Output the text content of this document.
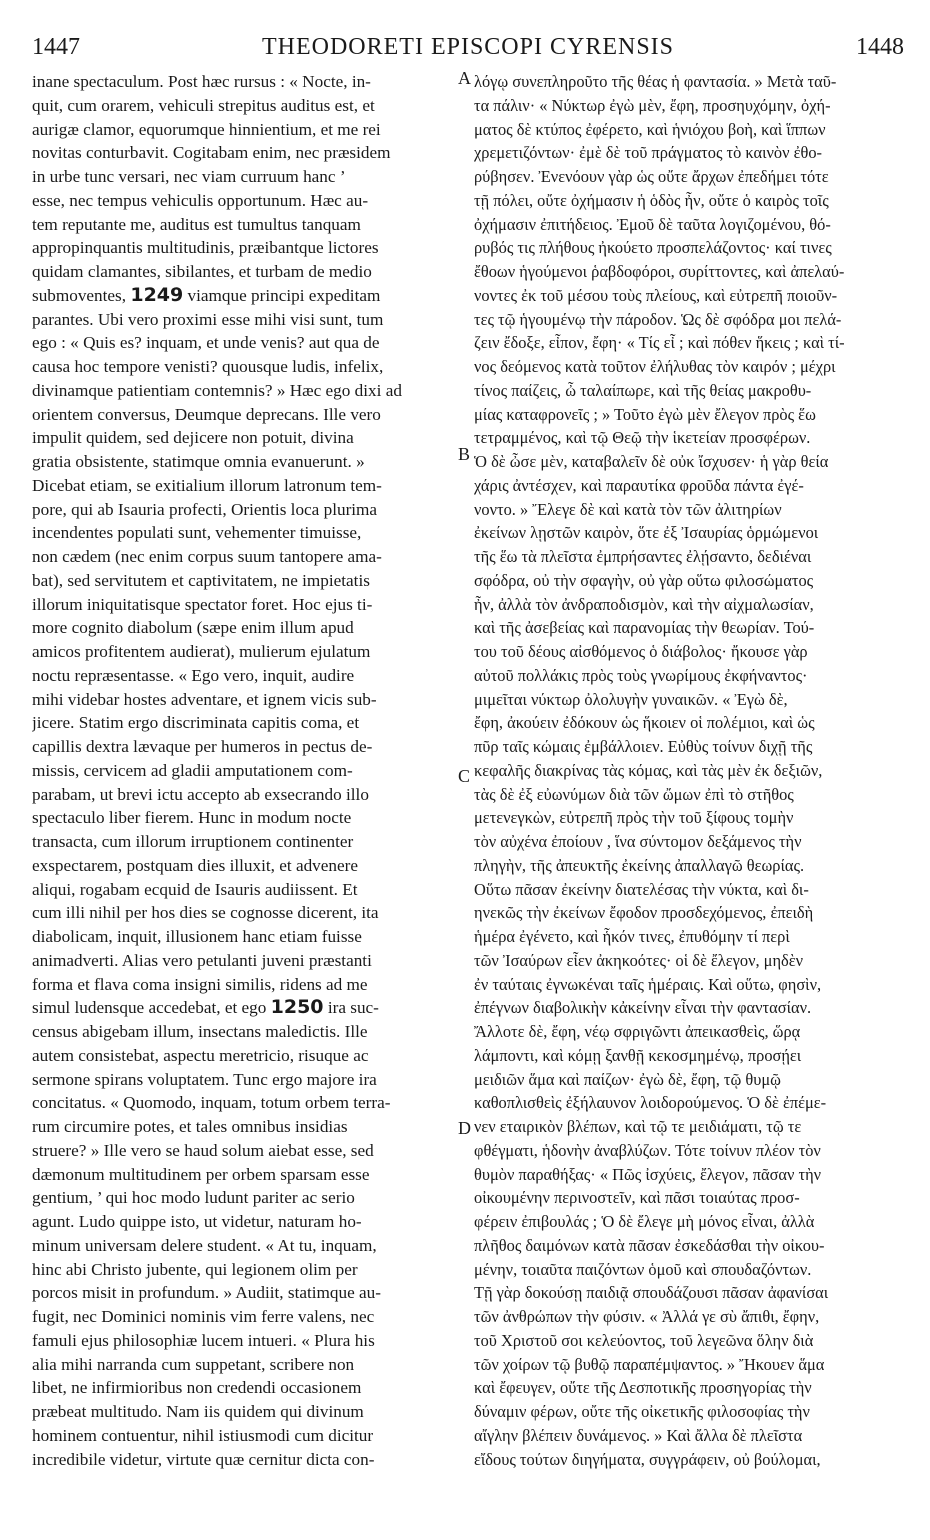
1447	THEODORETI EPISCOPI CYRENSIS	1448
inane spectaculum. Post hæc rursus : « Nocte, in-
quit, cum orarem, vehiculi strepitus auditus est, et
aurigæ clamor, equorumque hinnientium, et me rei
novitas conturbavit. Cogitabam enim, nec præsidem
in urbe tunc versari, nec viam curruum hanc ’
esse, nec tempus vehiculis opportunum. Hæc au-
tem reputante me, auditus est tumultus tanquam
appropinquantis multitudinis, præibantque lictores
quidam clamantes, sibilantes, et turbam de medio
submoventes, 1249 viamque principi expeditam
parantes. Ubi vero proximi esse mihi visi sunt, tum
ego : « Quis es? inquam, et unde venis? aut qua de
causa hoc tempore venisti? quousque ludis, infelix,
divinamque patientiam contemnis? » Hæc ego dixi ad
orientem conversus, Deumque deprecans. Ille vero
impulit quidem, sed dejicere non potuit, divina
gratia obsistente, statimque omnia evanuerunt. »
Dicebat etiam, se exitialium illorum latronum tem-
pore, qui ab Isauria profecti, Orientis loca plurima
incendentes populati sunt, vehementer timuisse,
non cædem (nec enim corpus suum tantopere ama-
bat), sed servitutem et captivitatem, ne impietatis
illorum iniquitatisque spectator foret. Hoc ejus ti-
more cognito diabolum (sæpe enim illum apud
amicos profitentem audierat), mulierum ejulatum
noctu repræsentasse. « Ego vero, inquit, audire
mihi videbar hostes adventare, et ignem vicis sub-
jicere. Statim ergo discriminata capitis coma, et
capillis dextra lævaque per humeros in pectus de-
missis, cervicem ad gladii amputationem com-
parabam, ut brevi ictu accepto ab exsecrando illo
spectaculo liber fierem. Hunc in modum nocte
transacta, cum illorum irruptionem continenter
exspectarem, postquam dies illuxit, et advenere
aliqui, rogabam ecquid de Isauris audiissent. Et
cum illi nihil per hos dies se cognosse dicerent, ita
diabolicam, inquit, illusionem hanc etiam fuisse
animadverti. Alias vero petulanti juveni præstanti
forma et flava coma insigni similis, ridens ad me
simul ludensque accedebat, et ego 1250 ira suc-
census abigebam illum, insectans maledictis. Ille
autem consistebat, aspectu meretricio, risuque ac
sermone spirans voluptatem. Tunc ergo majore ira
concitatus. « Quomodo, inquam, totum orbem terra-
rum circumire potes, et tales omnibus insidias
struere? » Ille vero se haud solum aiebat esse, sed
dæmonum multitudinem per orbem sparsam esse
gentium, ’ qui hoc modo ludunt pariter ac serio
agunt. Ludo quippe isto, ut videtur, naturam ho-
minum universam delere student. « At tu, inquam,
hinc abi Christo jubente, qui legionem olim per
porcos misit in profundum. » Audiit, statimque au-
fugit, nec Dominici nominis vim ferre valens, nec
famuli ejus philosophiæ lucem intueri. « Plura his
alia mihi narranda cum suppetant, scribere non
libet, ne infirmioribus non credendi occasionem
præbeat multitudo. Nam iis quidem qui divinum
hominem contuentur, nihil istiusmodi cum dicitur
incredibile videtur, virtute quæ cernitur dicta con-
λόγῳ συνεπληροῦτο τῆς θέας ἡ φαντασία. » Μετὰ ταῦ-
τα πάλιν· « Νύκτωρ ἐγὼ μὲν, ἔφη, προσηυχόμην, ὀχή-
ματος δὲ κτύπος ἐφέρετο, καὶ ἡνιόχου βοὴ, καὶ ἵππων
χρεμετιζόντων· ἐμὲ δὲ τοῦ πράγματος τὸ καινὸν ἐθο-
ρύβησεν. Ἐνενόουν γὰρ ὡς οὔτε ἄρχων ἐπεδήμει τότε
τῇ πόλει, οὔτε ὀχήμασιν ἡ ὁδὸς ἦν, οὔτε ὁ καιρὸς τοῖς
ὀχήμασιν ἐπιτήδειος. Ἐμοῦ δὲ ταῦτα λογιζομένου, θό-
ρυβός τις πλήθους ἠκούετο προσπελάζοντος· καί τινες
ἔθοων ἡγούμενοι ῥαβδοφόροι, συρίττοντες, καὶ ἀπελαύ-
νοντες ἐκ τοῦ μέσου τοὺς πλείους, καὶ εὐτρεπῆ ποιοῦν-
τες τῷ ἡγουμένῳ τὴν πάροδον. Ὡς δὲ σφόδρα μοι πελά-
ζειν ἔδοξε, εἶπον, ἔφη· « Τίς εἶ ; καὶ πόθεν ἥκεις ; καὶ τί-
νος δεόμενος κατὰ τοῦτον ἐλήλυθας τὸν καιρόν ; μέχρι
τίνος παίζεις, ὦ ταλαίπωρε, καὶ τῆς θείας μακροθυ-
μίας καταφρονεῖς ; » Τοῦτο ἐγὼ μὲν ἔλεγον πρὸς ἕω
τετραμμένος, καὶ τῷ Θεῷ τὴν ἱκετείαν προσφέρων.
Ὁ δὲ ὦσε μὲν, καταβαλεῖν δὲ οὐκ ἴσχυσεν· ἡ γὰρ θεία
χάρις ἀντέσχεν, καὶ παραυτίκα φροῦδα πάντα ἐγέ-
νοντο. » Ἔλεγε δὲ καὶ κατὰ τὸν τῶν ἀλιτηρίων
ἐκείνων λῃστῶν καιρὸν, ὅτε ἐξ Ἰσαυρίας ὁρμώμενοι
τῆς ἕω τὰ πλεῖστα ἐμπρήσαντες ἐλῄσαντο, δεδιέναι
σφόδρα, οὐ τὴν σφαγὴν, οὐ γὰρ οὕτω φιλοσώματος
ἦν, ἀλλὰ τὸν ἀνδραποδισμὸν, καὶ τὴν αἰχμαλωσίαν,
καὶ τῆς ἀσεβείας καὶ παρανομίας τὴν θεωρίαν. Τού-
του τοῦ δέους αἰσθόμενος ὁ διάβολος· ἤκουσε γὰρ
αὐτοῦ πολλάκις πρὸς τοὺς γνωρίμους ἐκφήναντος·
μιμεῖται νύκτωρ ὀλολυγὴν γυναικῶν. « Ἐγὼ δὲ,
ἔφη, ἀκούειν ἐδόκουν ὡς ἥκοιεν οἱ πολέμιοι, καὶ ὡς
πῦρ ταῖς κώμαις ἐμβάλλοιεν. Εὐθὺς τοίνυν διχῇ τῆς
κεφαλῆς διακρίνας τὰς κόμας, καὶ τὰς μὲν ἐκ δεξιῶν,
τὰς δὲ ἐξ εὐωνύμων διὰ τῶν ὤμων ἐπὶ τὸ στῆθος
μετενεγκὼν, εὐτρεπῆ πρὸς τὴν τοῦ ξίφους τομὴν
τὸν αὐχένα ἐποίουν , ἵνα σύντομον δεξάμενος τὴν
πληγὴν, τῆς ἀπευκτῆς ἐκείνης ἀπαλλαγῶ θεωρίας.
Οὕτω πᾶσαν ἐκείνην διατελέσας τὴν νύκτα, καὶ δι-
ηνεκῶς τὴν ἐκείνων ἔφοδον προσδεχόμενος, ἐπειδὴ
ἡμέρα ἐγένετο, καὶ ἧκόν τινες, ἐπυθόμην τί περὶ
τῶν Ἰσαύρων εἶεν ἀκηκοότες· οἱ δὲ ἔλεγον, μηδὲν
ἐν ταύταις ἐγνωκέναι ταῖς ἡμέραις. Καὶ οὕτω, φησὶν,
ἐπέγνων διαβολικὴν κἀκείνην εἶναι τὴν φαντασίαν.
Ἄλλοτε δὲ, ἔφη, νέῳ σφριγῶντι ἀπεικασθεὶς, ὥρᾳ
λάμποντι, καὶ κόμῃ ξανθῇ κεκοσμημένῳ, προσῄει
μειδιῶν ἅμα καὶ παίζων· ἐγὼ δὲ, ἔφη, τῷ θυμῷ
καθοπλισθεὶς ἐξήλαυνον λοιδορούμενος. Ὁ δὲ ἐπέμε-
νεν εταιρικὸν βλέπων, καὶ τῷ τε μειδιάματι, τῷ τε
φθέγματι, ἡδονὴν ἀναβλύζων. Τότε τοίνυν πλέον τὸν
θυμὸν παραθήξας· « Πῶς ἰσχύεις, ἔλεγον, πᾶσαν τὴν
οἰκουμένην περινοστεῖν, καὶ πᾶσι τοιαύτας προσ-
φέρειν ἐπιβουλάς ; Ὁ δὲ ἔλεγε μὴ μόνος εἶναι, ἀλλὰ
πλῆθος δαιμόνων κατὰ πᾶσαν ἐσκεδάσθαι τὴν οἰκου-
μένην, τοιαῦτα παιζόντων ὁμοῦ καὶ σπουδαζόντων.
Τῇ γὰρ δοκούσῃ παιδιᾷ σπουδάζουσι πᾶσαν ἀφανίσαι
τῶν ἀνθρώπων τὴν φύσιν. « Ἀλλά γε σὺ ἄπιθι, ἔφην,
τοῦ Χριστοῦ σοι κελεύοντος, τοῦ λεγεῶνα ὅλην διὰ
τῶν χοίρων τῷ βυθῷ παραπέμψαντος. » Ἤκουεν ἅμα
καὶ ἔφευγεν, οὔτε τῆς Δεσποτικῆς προσηγορίας τὴν
δύναμιν φέρων, οὔτε τῆς οἰκετικῆς φιλοσοφίας τὴν
αἴγλην βλέπειν δυνάμενος. » Καὶ ἄλλα δὲ πλεῖστα
εἴδους τούτων διηγήματα, συγγράφειν, οὐ βούλομαι,
A
B
C
D
